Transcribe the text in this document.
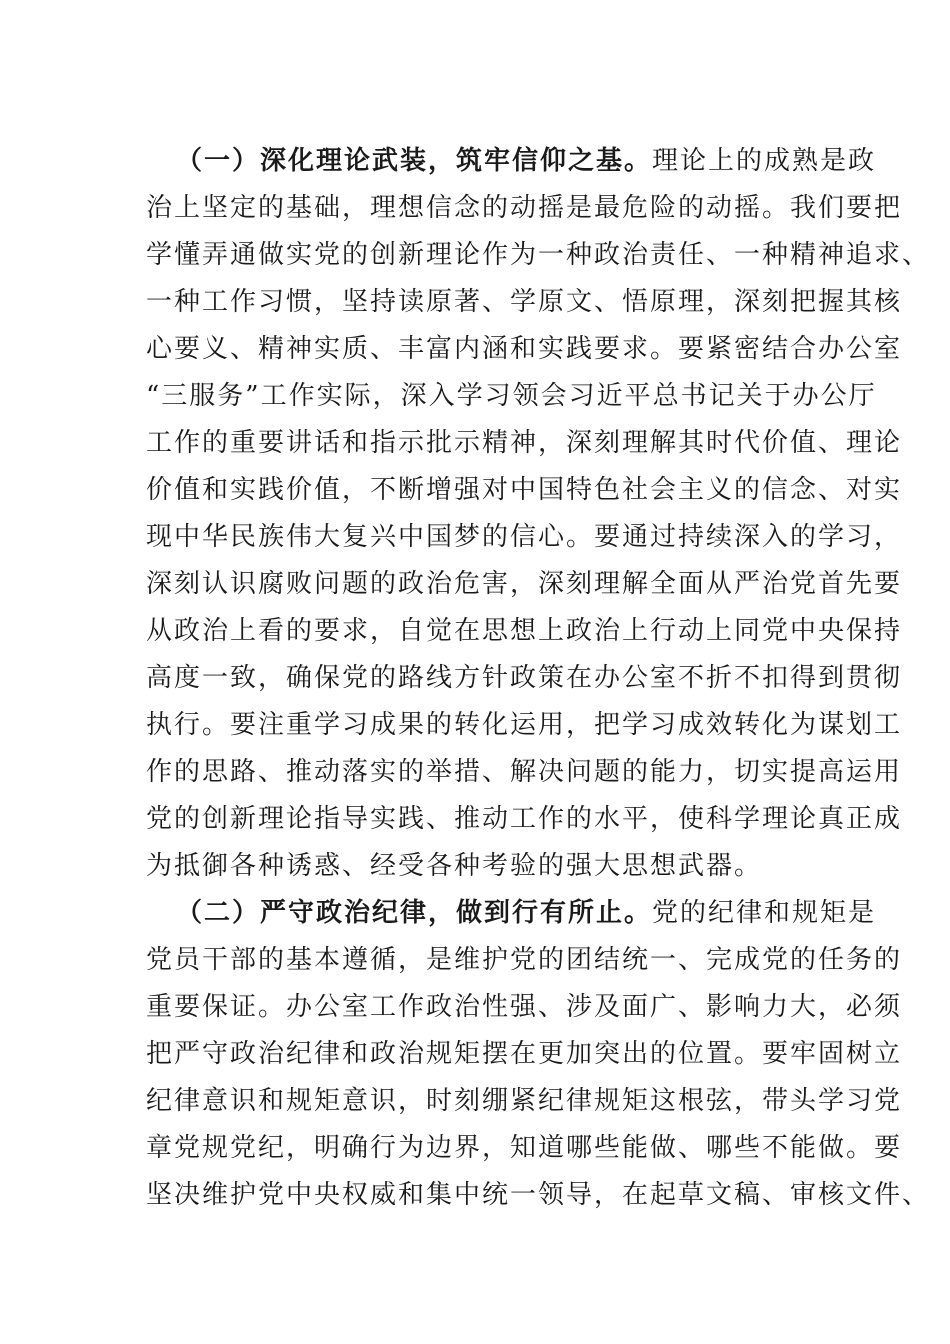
（一）深化理论武装，筑牢信仰之基。理论上的成熟是政
治上坚定的基础，理想信念的动摇是最危险的动摇。我们要把
学懂弄通做实党的创新理论作为一种政治责任、一种精神追求、
一种工作习惯，坚持读原著、学原文、悟原理，深刻把握其核
心要义、精神实质、丰富内涵和实践要求。要紧密结合办公室
“三服务”工作实际，深入学习领会习近平总书记关于办公厅
工作的重要讲话和指示批示精神，深刻理解其时代价值、理论
价值和实践价值，不断增强对中国特色社会主义的信念、对实
现中华民族伟大复兴中国梦的信心。要通过持续深入的学习，
深刻认识腐败问题的政治危害，深刻理解全面从严治党首先要
从政治上看的要求，自觉在思想上政治上行动上同党中央保持
高度一致，确保党的路线方针政策在办公室不折不扣得到贯彻
执行。要注重学习成果的转化运用，把学习成效转化为谋划工
作的思路、推动落实的举措、解决问题的能力，切实提高运用
党的创新理论指导实践、推动工作的水平，使科学理论真正成
为抵御各种诱惑、经受各种考验的强大思想武器。
（二）严守政治纪律，做到行有所止。党的纪律和规矩是
党员干部的基本遵循，是维护党的团结统一、完成党的任务的
重要保证。办公室工作政治性强、涉及面广、影响力大，必须
把严守政治纪律和政治规矩摆在更加突出的位置。要牢固树立
纪律意识和规矩意识，时刻绷紧纪律规矩这根弦，带头学习党
章党规党纪，明确行为边界，知道哪些能做、哪些不能做。要
坚决维护党中央权威和集中统一领导，在起草文稿、审核文件、
